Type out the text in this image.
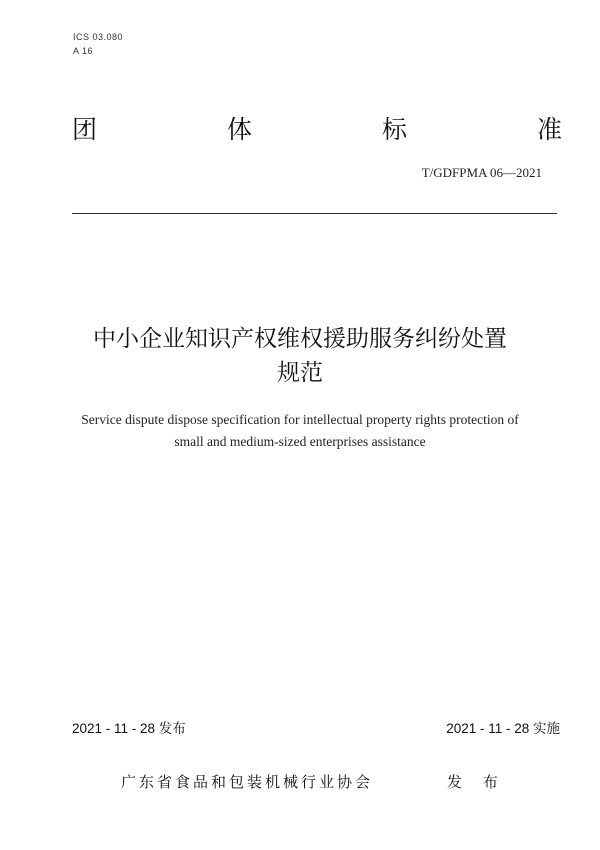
ICS 03.080
A 16
团	体	标	准
T/GDFPMA 06—2021
中小企业知识产权维权援助服务纠纷处置
规范
Service dispute dispose specification for intellectual property rights protection of
small and medium-sized enterprises assistance
2021 - 11 - 28 发布	2021 - 11 - 28 实施
广东省食品和包装机械行业协会	发 布
